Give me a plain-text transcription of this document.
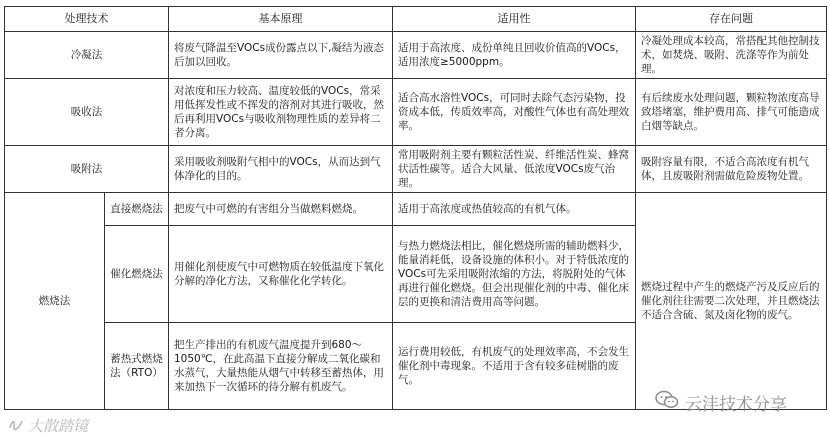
处理技术		基本原理	适用性	存在问题
冷凝法		将废气降温至VOCs成份露点以下,凝结为液态后加以回收。	适用于高浓度、成份单纯且回收价值高的VOCs，适用浓度≥5000ppm。	冷凝处理成本较高，常搭配其他控制技术，如焚烧、吸附、洗涤等作为前处理。
吸收法		对浓度和压力较高、温度较低的VOCs，常采用低挥发性或不挥发的溶剂对其进行吸收，然后再利用VOCs与吸收剂物理性质的差异将二者分离。	适合高水溶性VOCs，可同时去除气态污染物，投资成本低，传质效率高，对酸性气体也有高处理效率。	有后续废水处理问题，颗粒物浓度高导致塔堵塞，维护费用高、排气可能造成白烟等缺点。
吸附法		采用吸收剂吸附气相中的VOCs，从而达到气体净化的目的。	常用吸附剂主要有颗粒活性炭、纤维活性炭、蜂窝状活性碳等。适合大风量、低浓度VOCs废气治理。	吸附容量有限，不适合高浓度有机气体，且废吸附剂需做危险废物处置。
燃烧法	直接燃烧法	把废气中可燃的有害组分当做燃料燃烧。	适用于高浓度或热值较高的有机气体。	燃烧过程中产生的燃烧产污及反应后的催化剂往往需要二次处理，并且燃烧法不适合含硫、氮及卤化物的废气。
	催化燃烧法	用催化剂使废气中可燃物质在较低温度下氧化分解的净化方法，又称催化化学转化。	与热力燃烧法相比，催化燃烧所需的辅助燃料少，能量消耗低，设备设施的体积小。对于特低浓度的VOCs可先采用吸附浓缩的方法，将脱附处的气体再进行催化燃烧。但会出现催化剂的中毒、催化床层的更换和清洁费用高等问题。	
	蓄热式燃烧法（RTO）	把生产排出的有机废气温度提升到680～1050℃，在此高温下直接分解成二氧化碳和水蒸气，大量热能从烟气中转移至蓄热体，用来加热下一次循环的待分解有机废气。	运行费用较低，有机废气的处理效率高，不会发生催化剂中毒现象。不适用于含有较多硅树脂的废气。	
大散踏镜
云沣技术分享
